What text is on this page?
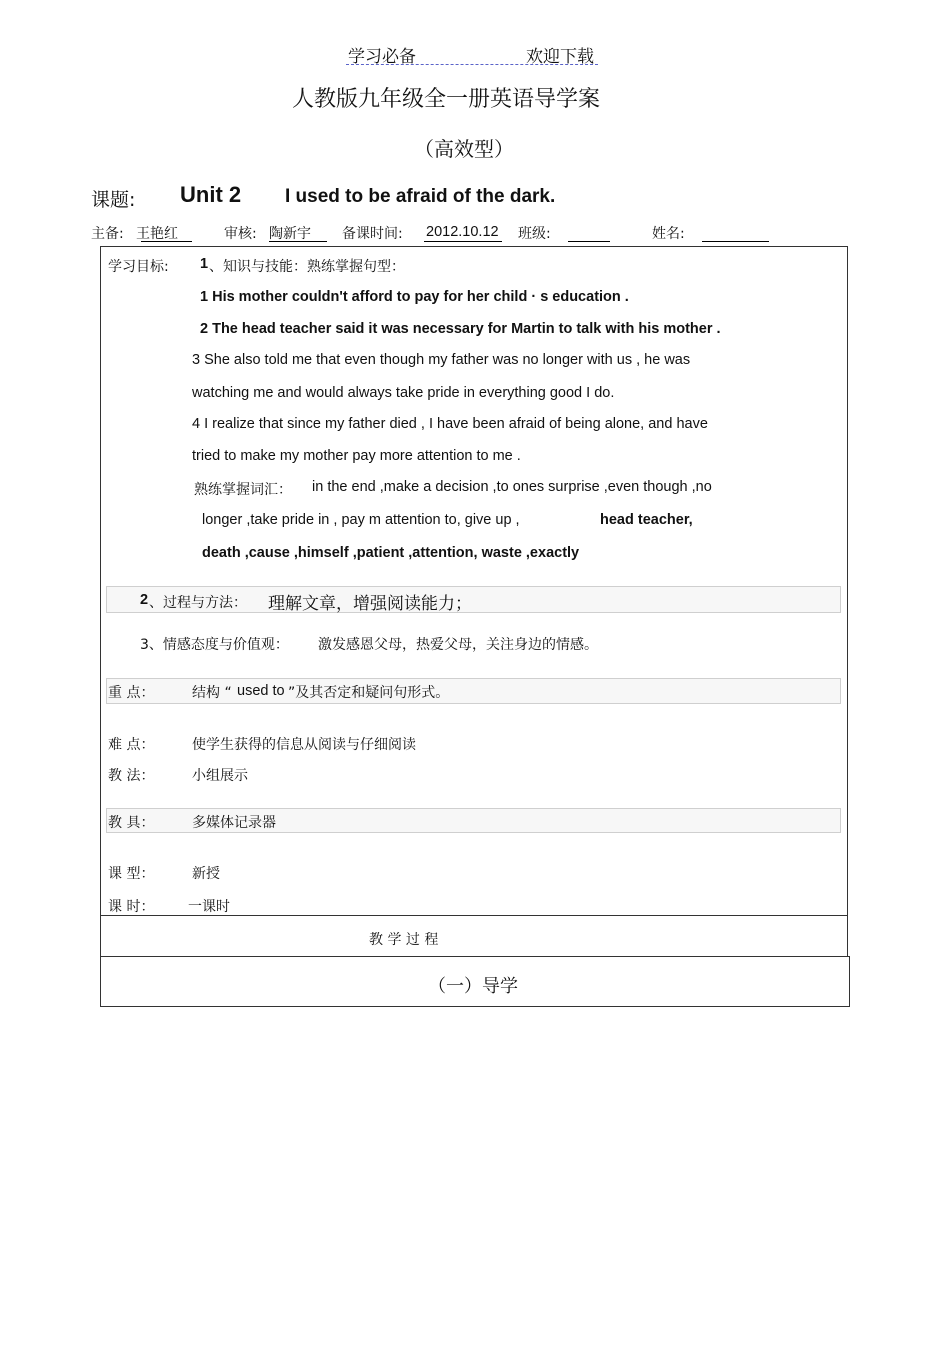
学习必备	欢迎下载
人教版九年级全一册英语导学案
（高效型）
课题: Unit 2 I used to be afraid of the dark.
主备: 王艳红	审核: 陶新宇 备课时间: 2012.10.12 班级:	姓名:
学习目标: 1 、知识与技能：熟练掌握句型：
1 His mother couldn't afford to pay for her child · s education .
2 The head teacher said it was necessary for Martin to talk with his mother .
3 She also told me that even though my father was no longer with us , he was
watching me and would always take pride in everything good I do.
4 I realize that since my father died , I have been afraid of being alone, and have
tried to make my mother pay more attention to me .
熟练掌握词汇： in the end ,make a decision ,to ones surprise ,even though ,no
longer ,take pride in , pay m attention to, give up ,	head teacher,
death ,cause ,himself ,patient ,attention, waste ,exactly
2 、过程与方法： 理解文章，增强阅读能力；
3、情感态度与价值观： 激发感恩父母，热爱父母，关注身边的情感。
重 点：	结构 “ used to ”及其否定和疑问句形式。
难 点：	使学生获得的信息从阅读与仔细阅读
教 法：	小组展示
教 具：	多媒体记录器
课 型：	新授
课 时： 一课时
教 学 过 程
（一）导学
